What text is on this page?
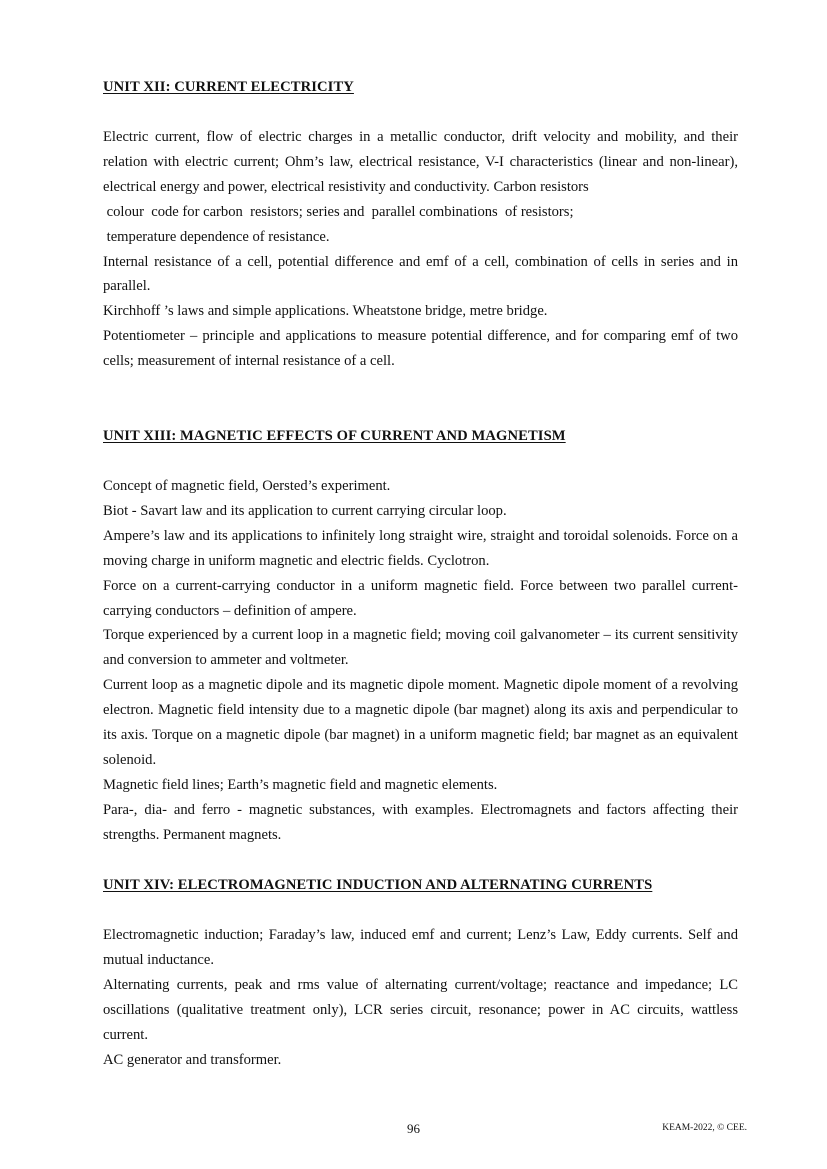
UNIT XII: CURRENT ELECTRICITY

Electric current, flow of electric charges in a metallic conductor, drift velocity and mobility, and their relation with electric current; Ohm’s law, electrical resistance, V-I characteristics (linear and non-linear), electrical energy and power, electrical resistivity and conductivity. Carbon resistors

colour  code for carbon  resistors; series and  parallel combinations  of resistors;

temperature dependence of resistance.

Internal resistance of a cell, potential difference and emf of a cell, combination of cells in series and in parallel.

Kirchhoff ’s laws and simple applications. Wheatstone bridge, metre bridge.

Potentiometer – principle and applications to measure potential difference, and for comparing emf of two cells; measurement of internal resistance of a cell.

UNIT XIII: MAGNETIC EFFECTS OF CURRENT AND MAGNETISM

Concept of magnetic field, Oersted’s experiment.

Biot - Savart law and its application to current carrying circular loop.

Ampere’s law and its applications to infinitely long straight wire, straight and toroidal solenoids. Force on a moving charge in uniform magnetic and electric fields. Cyclotron.

Force on a current-carrying conductor in a uniform magnetic field. Force between two parallel current- carrying conductors – definition of ampere.

Torque experienced by a current loop in a magnetic field; moving coil galvanometer – its current sensitivity and conversion to ammeter and voltmeter.

Current loop as a magnetic dipole and its magnetic dipole moment. Magnetic dipole moment of a revolving electron. Magnetic field intensity due to a magnetic dipole (bar magnet) along its axis and perpendicular to its axis. Torque on a magnetic dipole (bar magnet) in a uniform magnetic field; bar magnet as an equivalent solenoid.

Magnetic field lines; Earth’s magnetic field and magnetic elements.

Para-, dia- and ferro - magnetic substances, with examples. Electromagnets and factors affecting their strengths. Permanent magnets.

UNIT XIV: ELECTROMAGNETIC INDUCTION AND ALTERNATING CURRENTS

Electromagnetic induction; Faraday’s law, induced emf and current; Lenz’s Law, Eddy currents. Self and mutual inductance.

Alternating currents, peak and rms value of alternating current/voltage; reactance and impedance; LC oscillations (qualitative treatment only), LCR series circuit, resonance; power in AC circuits, wattless current.

AC generator and transformer.

96	KEAM-2022, © CEE.
